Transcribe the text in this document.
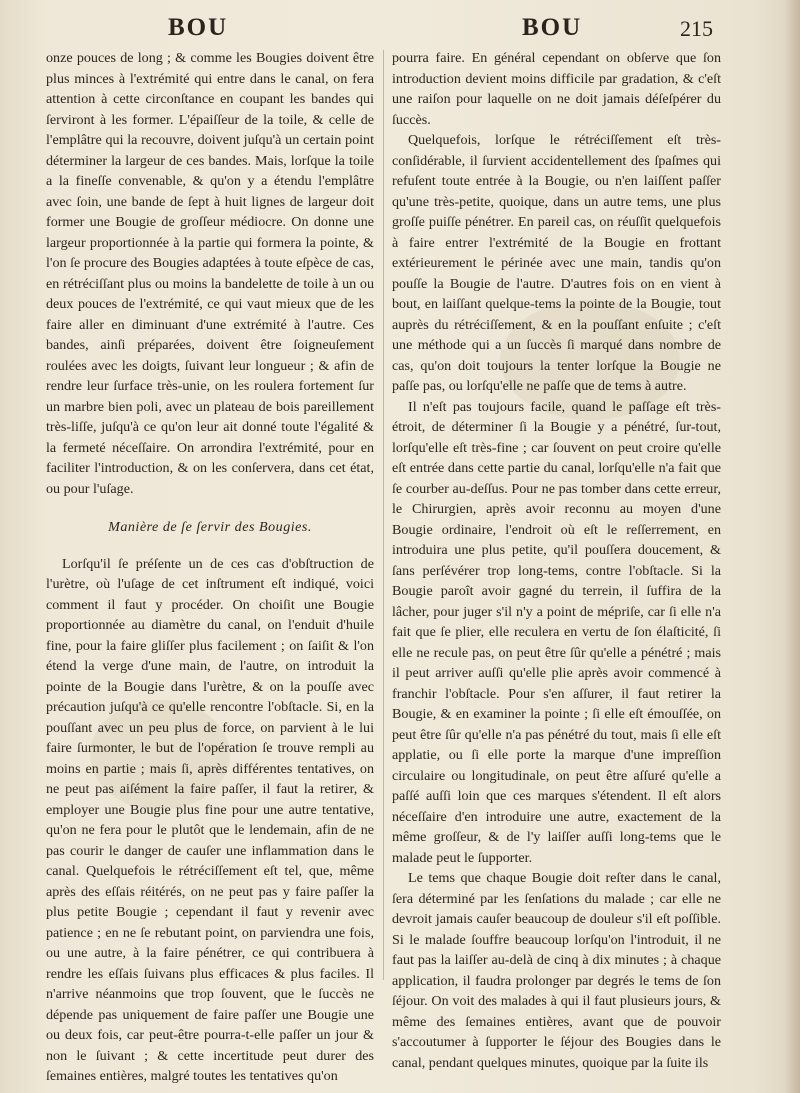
BOU	BOU	215

onze pouces de long ; & comme les Bougies doivent être plus minces à l'extrémité qui entre dans le canal, on fera attention à cette circonſtance en coupant les bandes qui ſerviront à les former. L'épaiſſeur de la toile, & celle de l'emplâtre qui la recouvre, doivent juſqu'à un certain point déterminer la largeur de ces bandes. Mais, lorſque la toile a la fineſſe convenable, & qu'on y a étendu l'emplâtre avec ſoin, une bande de ſept à huit lignes de largeur doit former une Bougie de groſſeur médiocre. On donne une largeur proportionnée à la partie qui formera la pointe, & l'on ſe procure des Bougies adaptées à toute eſpèce de cas, en rétréciſſant plus ou moins la bandelette de toile à un ou deux pouces de l'extrémité, ce qui vaut mieux que de les faire aller en diminuant d'une extrémité à l'autre. Ces bandes, ainſi préparées, doivent être ſoigneuſement roulées avec les doigts, ſuivant leur longueur ; & afin de rendre leur ſurface très-unie, on les roulera fortement ſur un marbre bien poli, avec un plateau de bois pareillement très-liſſe, juſqu'à ce qu'on leur ait donné toute l'égalité & la fermeté néceſſaire. On arrondira l'extrémité, pour en faciliter l'introduction, & on les conſervera, dans cet état, ou pour l'uſage.

Manière de ſe ſervir des Bougies.

Lorſqu'il ſe préſente un de ces cas d'obſtruction de l'urètre, où l'uſage de cet inſtrument eſt indiqué, voici comment il faut y procéder. On choiſit une Bougie proportionnée au diamètre du canal, on l'enduit d'huile fine, pour la faire gliſſer plus facilement ; on ſaiſit & l'on étend la verge d'une main, de l'autre, on introduit la pointe de la Bougie dans l'urètre, & on la pouſſe avec précaution juſqu'à ce qu'elle rencontre l'obſtacle. Si, en la pouſſant avec un peu plus de force, on parvient à le lui faire ſurmonter, le but de l'opération ſe trouve rempli au moins en partie ; mais ſi, après différentes tentatives, on ne peut pas aiſément la faire paſſer, il faut la retirer, & employer une Bougie plus fine pour une autre tentative, qu'on ne fera pour le plutôt que le lendemain, afin de ne pas courir le danger de cauſer une inflammation dans le canal. Quelquefois le rétréciſſement eſt tel, que, même après des eſſais réitérés, on ne peut pas y faire paſſer la plus petite Bougie ; cependant il faut y revenir avec patience ; en ne ſe rebutant point, on parviendra une fois, ou une autre, à la faire pénétrer, ce qui contribuera à rendre les eſſais ſuivans plus efficaces & plus faciles. Il n'arrive néanmoins que trop ſouvent, que le ſuccès ne dépende pas uniquement de faire paſſer une Bougie une ou deux fois, car peut-être pourra-t-elle paſſer un jour & non le ſuivant ; & cette incertitude peut durer des ſemaines entières, malgré toutes les tentatives qu'on

pourra faire. En général cependant on obſerve que ſon introduction devient moins difficile par gradation, & c'eſt une raiſon pour laquelle on ne doit jamais déſeſpérer du ſuccès.

Quelquefois, lorſque le rétréciſſement eſt très-conſidérable, il ſurvient accidentellement des ſpaſmes qui refuſent toute entrée à la Bougie, ou n'en laiſſent paſſer qu'une très-petite, quoique, dans un autre tems, une plus groſſe puiſſe pénétrer. En pareil cas, on réuſſit quelquefois à faire entrer l'extrémité de la Bougie en frottant extérieurement le périnée avec une main, tandis qu'on pouſſe la Bougie de l'autre. D'autres fois on en vient à bout, en laiſſant quelque-tems la pointe de la Bougie, tout auprès du rétréciſſement, & en la pouſſant enſuite ; c'eſt une méthode qui a un ſuccès ſi marqué dans nombre de cas, qu'on doit toujours la tenter lorſque la Bougie ne paſſe pas, ou lorſqu'elle ne paſſe que de tems à autre.

Il n'eſt pas toujours facile, quand le paſſage eſt très-étroit, de déterminer ſi la Bougie y a pénétré, ſur-tout, lorſqu'elle eſt très-fine ; car ſouvent on peut croire qu'elle eſt entrée dans cette partie du canal, lorſqu'elle n'a fait que ſe courber au-deſſus. Pour ne pas tomber dans cette erreur, le Chirurgien, après avoir reconnu au moyen d'une Bougie ordinaire, l'endroit où eſt le reſſerrement, en introduira une plus petite, qu'il pouſſera doucement, & ſans perſévérer trop long-tems, contre l'obſtacle. Si la Bougie paroît avoir gagné du terrein, il ſuffira de la lâcher, pour juger s'il n'y a point de mépriſe, car ſi elle n'a fait que ſe plier, elle reculera en vertu de ſon élaſticité, ſi elle ne recule pas, on peut être ſûr qu'elle a pénétré ; mais il peut arriver auſſi qu'elle plie après avoir commencé à franchir l'obſtacle. Pour s'en aſſurer, il faut retirer la Bougie, & en examiner la pointe ; ſi elle eſt émouſſée, on peut être ſûr qu'elle n'a pas pénétré du tout, mais ſi elle eſt applatie, ou ſi elle porte la marque d'une impreſſion circulaire ou longitudinale, on peut être aſſuré qu'elle a paſſé auſſi loin que ces marques s'étendent. Il eſt alors néceſſaire d'en introduire une autre, exactement de la même groſſeur, & de l'y laiſſer auſſi long-tems que le malade peut le ſupporter.

Le tems que chaque Bougie doit reſter dans le canal, ſera déterminé par les ſenſations du malade ; car elle ne devroit jamais cauſer beaucoup de douleur s'il eſt poſſible. Si le malade ſouffre beaucoup lorſqu'on l'introduit, il ne faut pas la laiſſer au-delà de cinq à dix minutes ; à chaque application, il faudra prolonger par degrés le tems de ſon ſéjour. On voit des malades à qui il faut plusieurs jours, & même des ſemaines entières, avant que de pouvoir s'accoutumer à ſupporter le ſéjour des Bougies dans le canal, pendant quelques minutes, quoique par la ſuite ils
